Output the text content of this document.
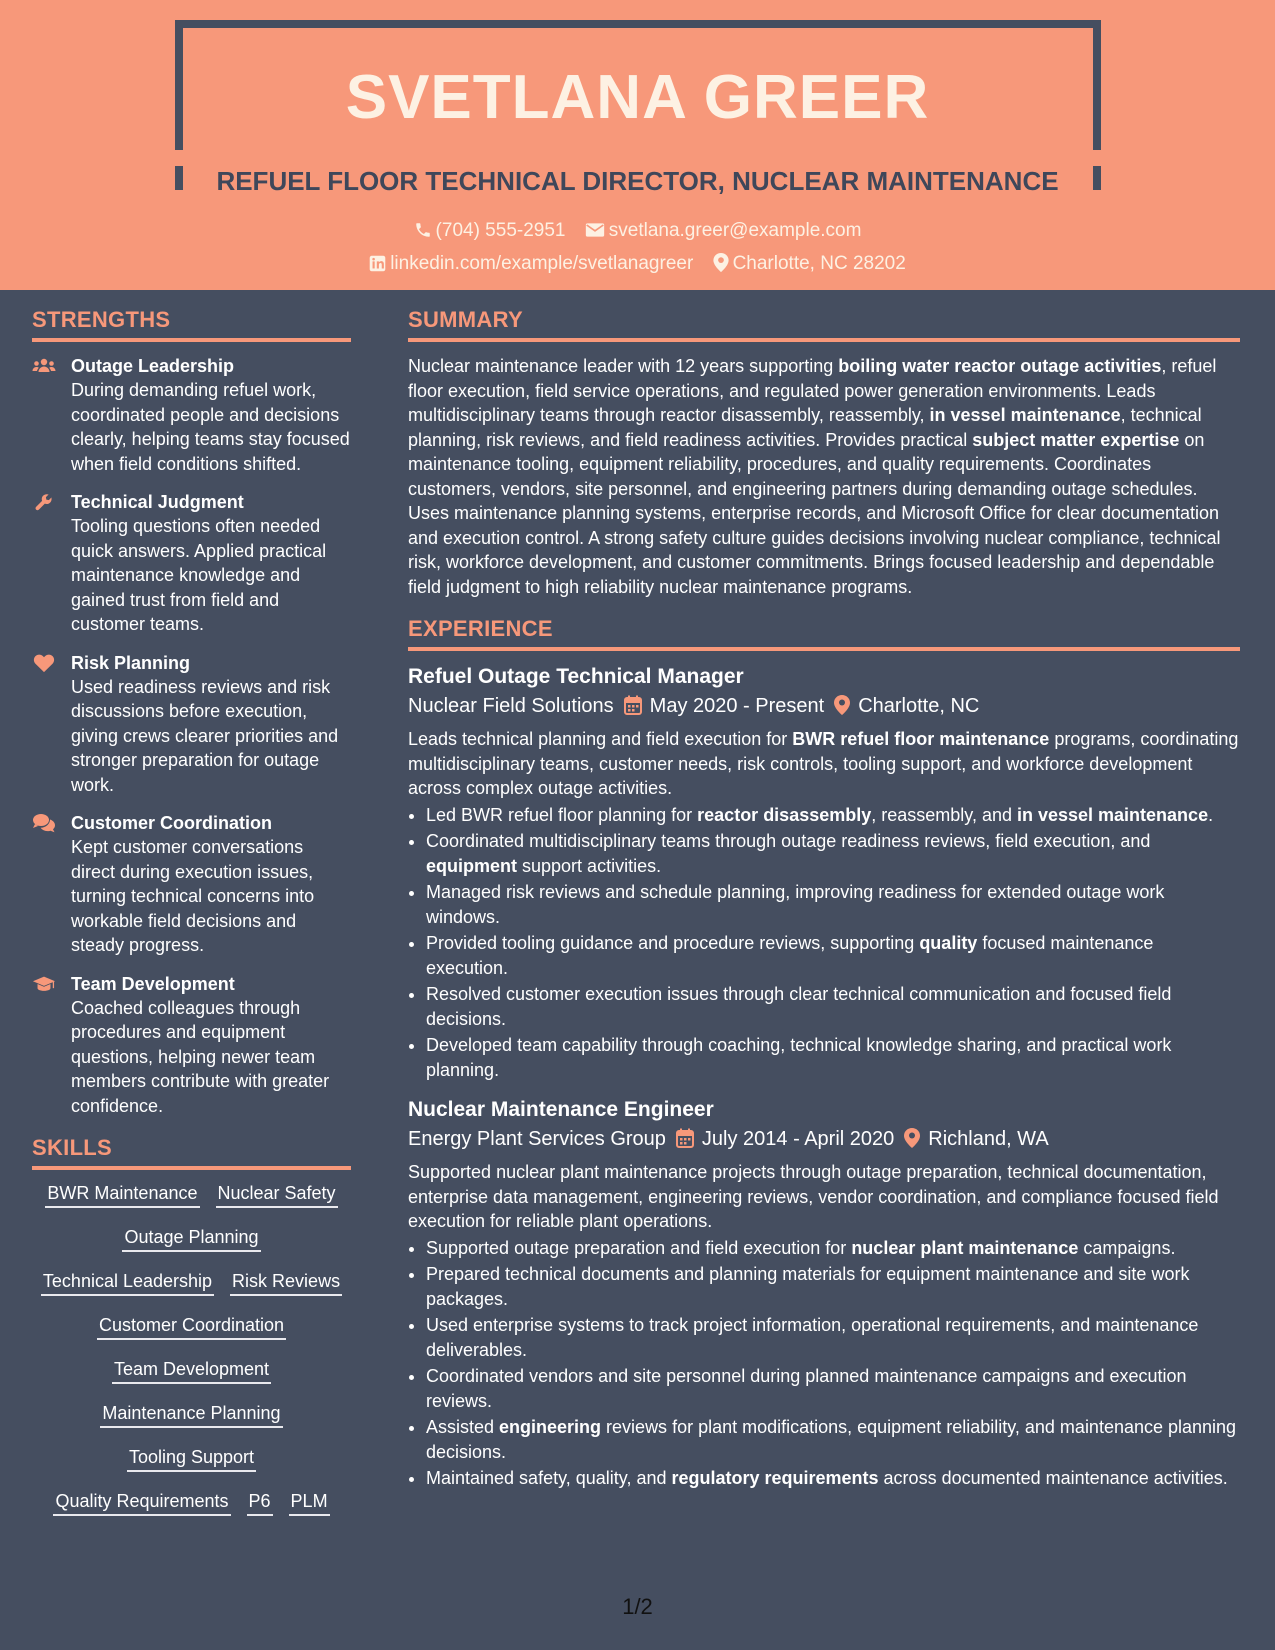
SVETLANA GREER
REFUEL FLOOR TECHNICAL DIRECTOR, NUCLEAR MAINTENANCE
(704) 555-2951 svetlana.greer@example.com
linkedin.com/example/svetlanagreer Charlotte, NC 28202
STRENGTHS
Outage Leadership
During demanding refuel work, coordinated people and decisions clearly, helping teams stay focused when field conditions shifted.
Technical Judgment
Tooling questions often needed quick answers. Applied practical maintenance knowledge and gained trust from field and customer teams.
Risk Planning
Used readiness reviews and risk discussions before execution, giving crews clearer priorities and stronger preparation for outage work.
Customer Coordination
Kept customer conversations direct during execution issues, turning technical concerns into workable field decisions and steady progress.
Team Development
Coached colleagues through procedures and equipment questions, helping newer team members contribute with greater confidence.
SKILLS
BWR Maintenance Nuclear Safety
Outage Planning
Technical Leadership Risk Reviews
Customer Coordination
Team Development
Maintenance Planning
Tooling Support
Quality Requirements P6 PLM
SUMMARY

Nuclear maintenance leader with 12 years supporting boiling water reactor outage activities, refuel floor execution, field service operations, and regulated power generation environments. Leads multidisciplinary teams through reactor disassembly, reassembly, in vessel maintenance, technical planning, risk reviews, and field readiness activities. Provides practical subject matter expertise on maintenance tooling, equipment reliability, procedures, and quality requirements. Coordinates customers, vendors, site personnel, and engineering partners during demanding outage schedules. Uses maintenance planning systems, enterprise records, and Microsoft Office for clear documentation and execution control. A strong safety culture guides decisions involving nuclear compliance, technical risk, workforce development, and customer commitments. Brings focused leadership and dependable field judgment to high reliability nuclear maintenance programs.

EXPERIENCE
Refuel Outage Technical Manager
Nuclear Field Solutions May 2020 - Present Charlotte, NC

Leads technical planning and field execution for BWR refuel floor maintenance programs, coordinating multidisciplinary teams, customer needs, risk controls, tooling support, and workforce development across complex outage activities.

• Led BWR refuel floor planning for reactor disassembly, reassembly, and in vessel maintenance.
• Coordinated multidisciplinary teams through outage readiness reviews, field execution, and equipment support activities.
• Managed risk reviews and schedule planning, improving readiness for extended outage work windows.
• Provided tooling guidance and procedure reviews, supporting quality focused maintenance execution.
• Resolved customer execution issues through clear technical communication and focused field decisions.
• Developed team capability through coaching, technical knowledge sharing, and practical work planning.
Nuclear Maintenance Engineer
Energy Plant Services Group July 2014 - April 2020 Richland, WA

Supported nuclear plant maintenance projects through outage preparation, technical documentation, enterprise data management, engineering reviews, vendor coordination, and compliance focused field execution for reliable plant operations.

• Supported outage preparation and field execution for nuclear plant maintenance campaigns.
• Prepared technical documents and planning materials for equipment maintenance and site work packages.
• Used enterprise systems to track project information, operational requirements, and maintenance deliverables.
• Coordinated vendors and site personnel during planned maintenance campaigns and execution reviews.
• Assisted engineering reviews for plant modifications, equipment reliability, and maintenance planning decisions.
• Maintained safety, quality, and regulatory requirements across documented maintenance activities.
1/2
